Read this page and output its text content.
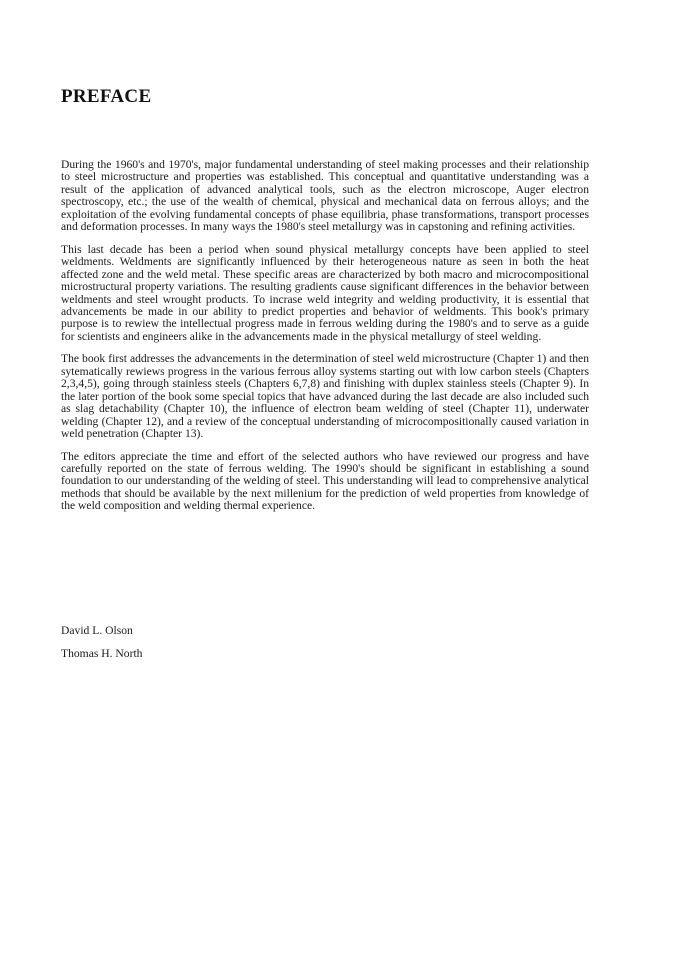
PREFACE

During the 1960's and 1970's, major fundamental understanding of steel making processes and their relationship to steel microstructure and properties was established. This conceptual and quantitative understanding was a result of the application of advanced analytical tools, such as the electron microscope, Auger electron spectroscopy, etc.; the use of the wealth of chemical, physical and mechanical data on ferrous alloys; and the exploitation of the evolving fundamental concepts of phase equilibria, phase transformations, transport processes and deformation processes. In many ways the 1980's steel metallurgy was in capstoning and refining activities.

This last decade has been a period when sound physical metallurgy concepts have been applied to steel weldments. Weldments are significantly influenced by their heterogeneous nature as seen in both the heat affected zone and the weld metal. These specific areas are characterized by both macro and microcompositional microstructural property variations. The resulting gradients cause significant differences in the behavior between weldments and steel wrought products. To incrase weld integrity and welding productivity, it is essential that advancements be made in our ability to predict properties and behavior of weldments. This book's primary purpose is to rewiew the intellectual progress made in ferrous welding during the 1980's and to serve as a guide for scientists and engineers alike in the advancements made in the physical metallurgy of steel welding.

The book first addresses the advancements in the determination of steel weld microstructure (Chapter 1) and then sytematically rewiews progress in the various ferrous alloy systems starting out with low carbon steels (Chapters 2,3,4,5), going through stainless steels (Chapters 6,7,8) and finishing with duplex stainless steels (Chapter 9). In the later portion of the book some special topics that have advanced during the last decade are also included such as slag detachability (Chapter 10), the influence of electron beam welding of steel (Chapter 11), underwater welding (Chapter 12), and a review of the conceptual understanding of microcompositionally caused variation in weld penetration (Chapter 13).

The editors appreciate the time and effort of the selected authors who have reviewed our progress and have carefully reported on the state of ferrous welding. The 1990's should be significant in establishing a sound foundation to our understanding of the welding of steel. This understanding will lead to comprehensive analytical methods that should be available by the next millenium for the prediction of weld properties from knowledge of the weld composition and welding thermal experience.

David L. Olson

Thomas H. North
